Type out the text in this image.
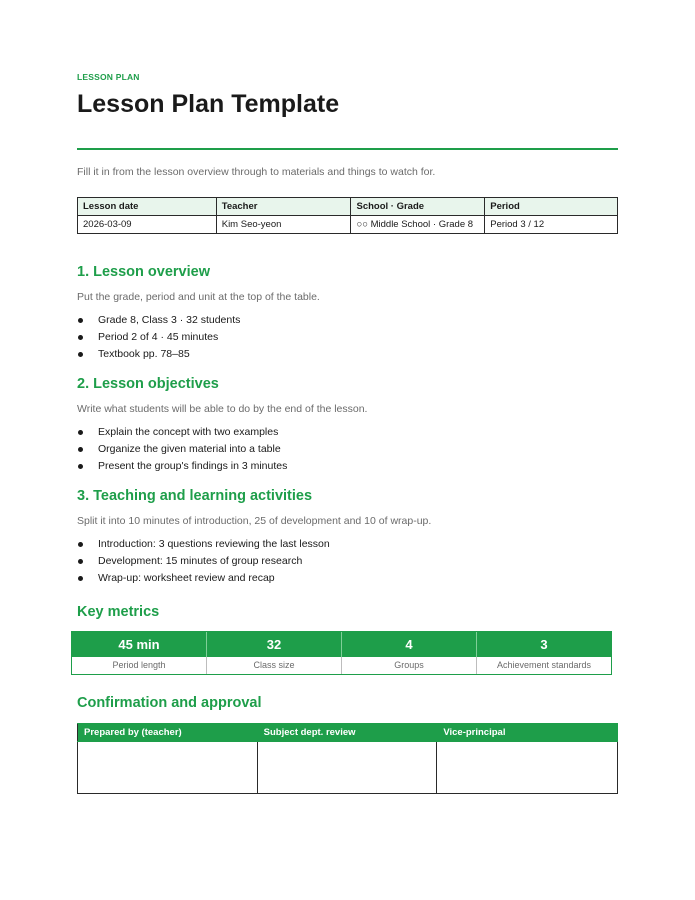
LESSON PLAN
Lesson Plan Template
Fill it in from the lesson overview through to materials and things to watch for.
Lesson date	Teacher	School · Grade	Period
2026-03-09	Kim Seo-yeon	○○ Middle School · Grade 8	Period 3 / 12
1. Lesson overview
Put the grade, period and unit at the top of the table.
Grade 8, Class 3 · 32 students
Period 2 of 4 · 45 minutes
Textbook pp. 78–85
2. Lesson objectives
Write what students will be able to do by the end of the lesson.
Explain the concept with two examples
Organize the given material into a table
Present the group's findings in 3 minutes
3. Teaching and learning activities
Split it into 10 minutes of introduction, 25 of development and 10 of wrap-up.
Introduction: 3 questions reviewing the last lesson
Development: 15 minutes of group research
Wrap-up: worksheet review and recap
Key metrics
45 min	32	4	3
Period length	Class size	Groups	Achievement standards
Confirmation and approval
Prepared by (teacher)	Subject dept. review	Vice-principal
